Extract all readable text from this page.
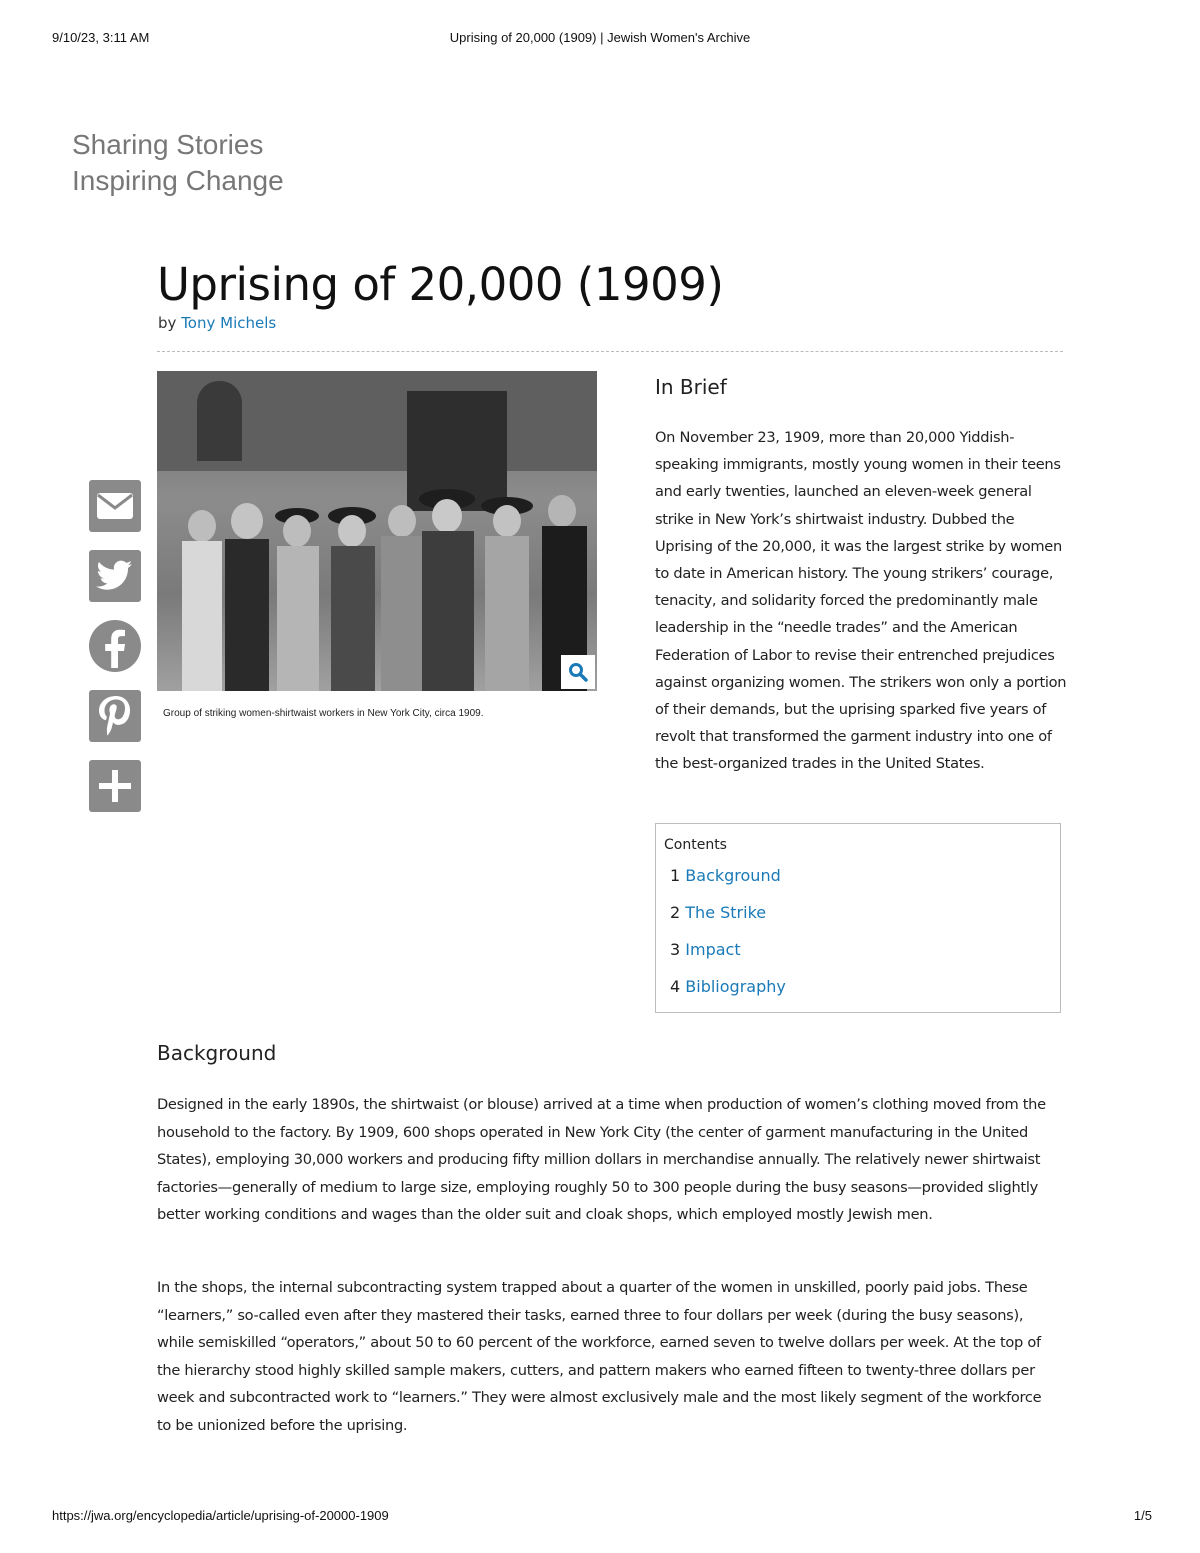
Uprising of 20,000 (1909) | Jewish Women's Archive
9/10/23, 3:11 AM
Sharing Stories
Inspiring Change
Uprising of 20,000 (1909)
by Tony Michels
Group of striking women-shirtwaist workers in New York City, circa 1909.
In Brief

On November 23, 1909, more than 20,000 Yiddish-speaking immigrants, mostly young women in their teens and early twenties, launched an eleven-week general strike in New York’s shirtwaist industry. Dubbed the Uprising of the 20,000, it was the largest strike by women to date in American history. The young strikers’ courage, tenacity, and solidarity forced the predominantly male leadership in the “needle trades” and the American Federation of Labor to revise their entrenched prejudices against organizing women. The strikers won only a portion of their demands, but the uprising sparked five years of revolt that transformed the garment industry into one of the best-organized trades in the United States.

Contents
1 Background
2 The Strike
3 Impact
4 Bibliography
Background

Designed in the early 1890s, the shirtwaist (or blouse) arrived at a time when production of women’s clothing moved from the household to the factory. By 1909, 600 shops operated in New York City (the center of garment manufacturing in the United States), employing 30,000 workers and producing fifty million dollars in merchandise annually. The relatively newer shirtwaist factories—generally of medium to large size, employing roughly 50 to 300 people during the busy seasons—provided slightly better working conditions and wages than the older suit and cloak shops, which employed mostly Jewish men.

In the shops, the internal subcontracting system trapped about a quarter of the women in unskilled, poorly paid jobs. These “learners,” so-called even after they mastered their tasks, earned three to four dollars per week (during the busy seasons), while semiskilled “operators,” about 50 to 60 percent of the workforce, earned seven to twelve dollars per week. At the top of the hierarchy stood highly skilled sample makers, cutters, and pattern makers who earned fifteen to twenty-three dollars per week and subcontracted work to “learners.” They were almost exclusively male and the most likely segment of the workforce to be unionized before the uprising.

https://jwa.org/encyclopedia/article/uprising-of-20000-1909	1/5
